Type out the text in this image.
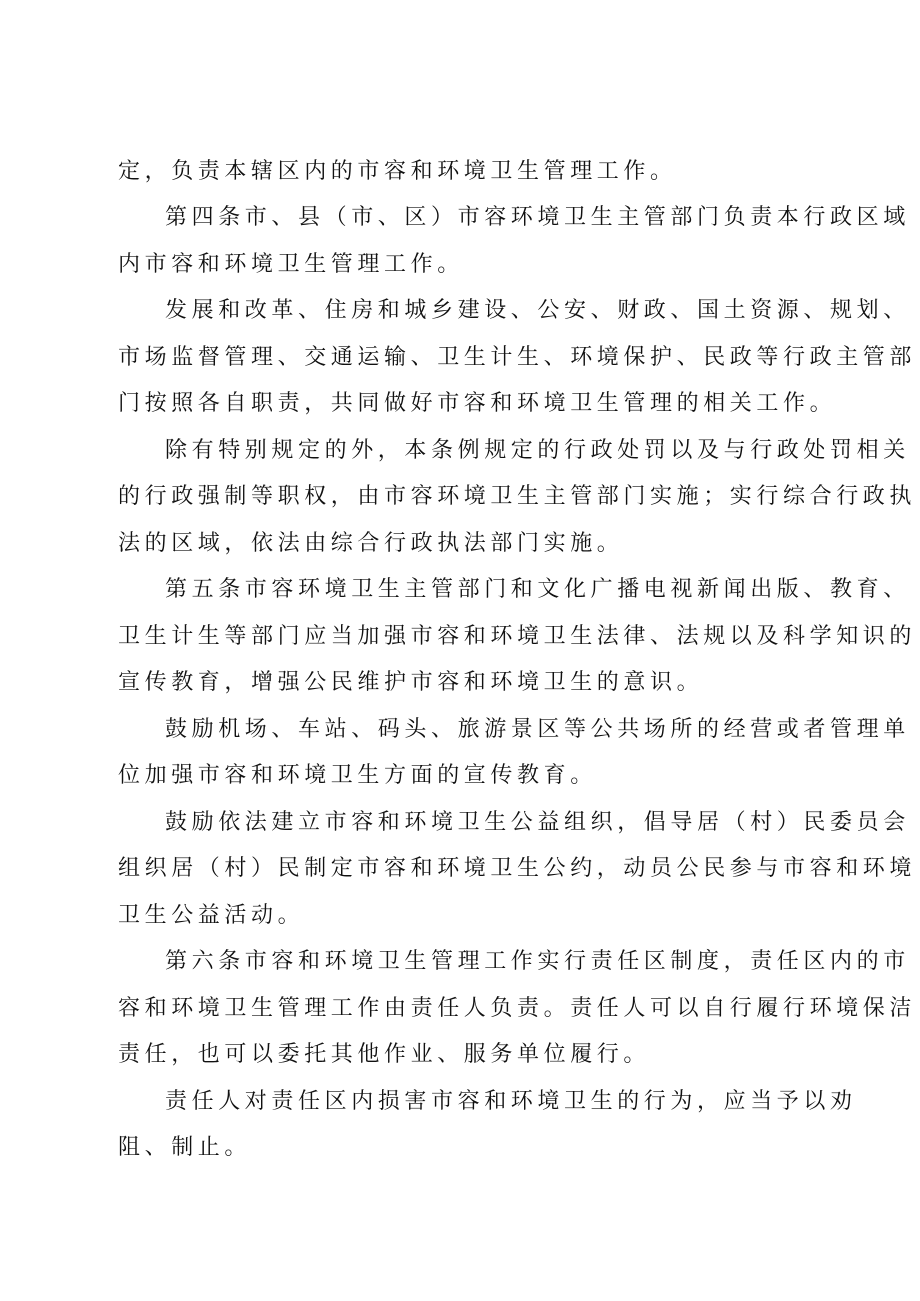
定，负责本辖区内的市容和环境卫生管理工作。
第四条市、县（市、区）市容环境卫生主管部门负责本行政区域
内市容和环境卫生管理工作。
发展和改革、住房和城乡建设、公安、财政、国土资源、规划、
市场监督管理、交通运输、卫生计生、环境保护、民政等行政主管部
门按照各自职责，共同做好市容和环境卫生管理的相关工作。
除有特别规定的外，本条例规定的行政处罚以及与行政处罚相关
的行政强制等职权，由市容环境卫生主管部门实施；实行综合行政执
法的区域，依法由综合行政执法部门实施。
第五条市容环境卫生主管部门和文化广播电视新闻出版、教育、
卫生计生等部门应当加强市容和环境卫生法律、法规以及科学知识的
宣传教育，增强公民维护市容和环境卫生的意识。
鼓励机场、车站、码头、旅游景区等公共场所的经营或者管理单
位加强市容和环境卫生方面的宣传教育。
鼓励依法建立市容和环境卫生公益组织，倡导居（村）民委员会
组织居（村）民制定市容和环境卫生公约，动员公民参与市容和环境
卫生公益活动。
第六条市容和环境卫生管理工作实行责任区制度，责任区内的市
容和环境卫生管理工作由责任人负责。责任人可以自行履行环境保洁
责任，也可以委托其他作业、服务单位履行。
责任人对责任区内损害市容和环境卫生的行为，应当予以劝
阻、制止。
